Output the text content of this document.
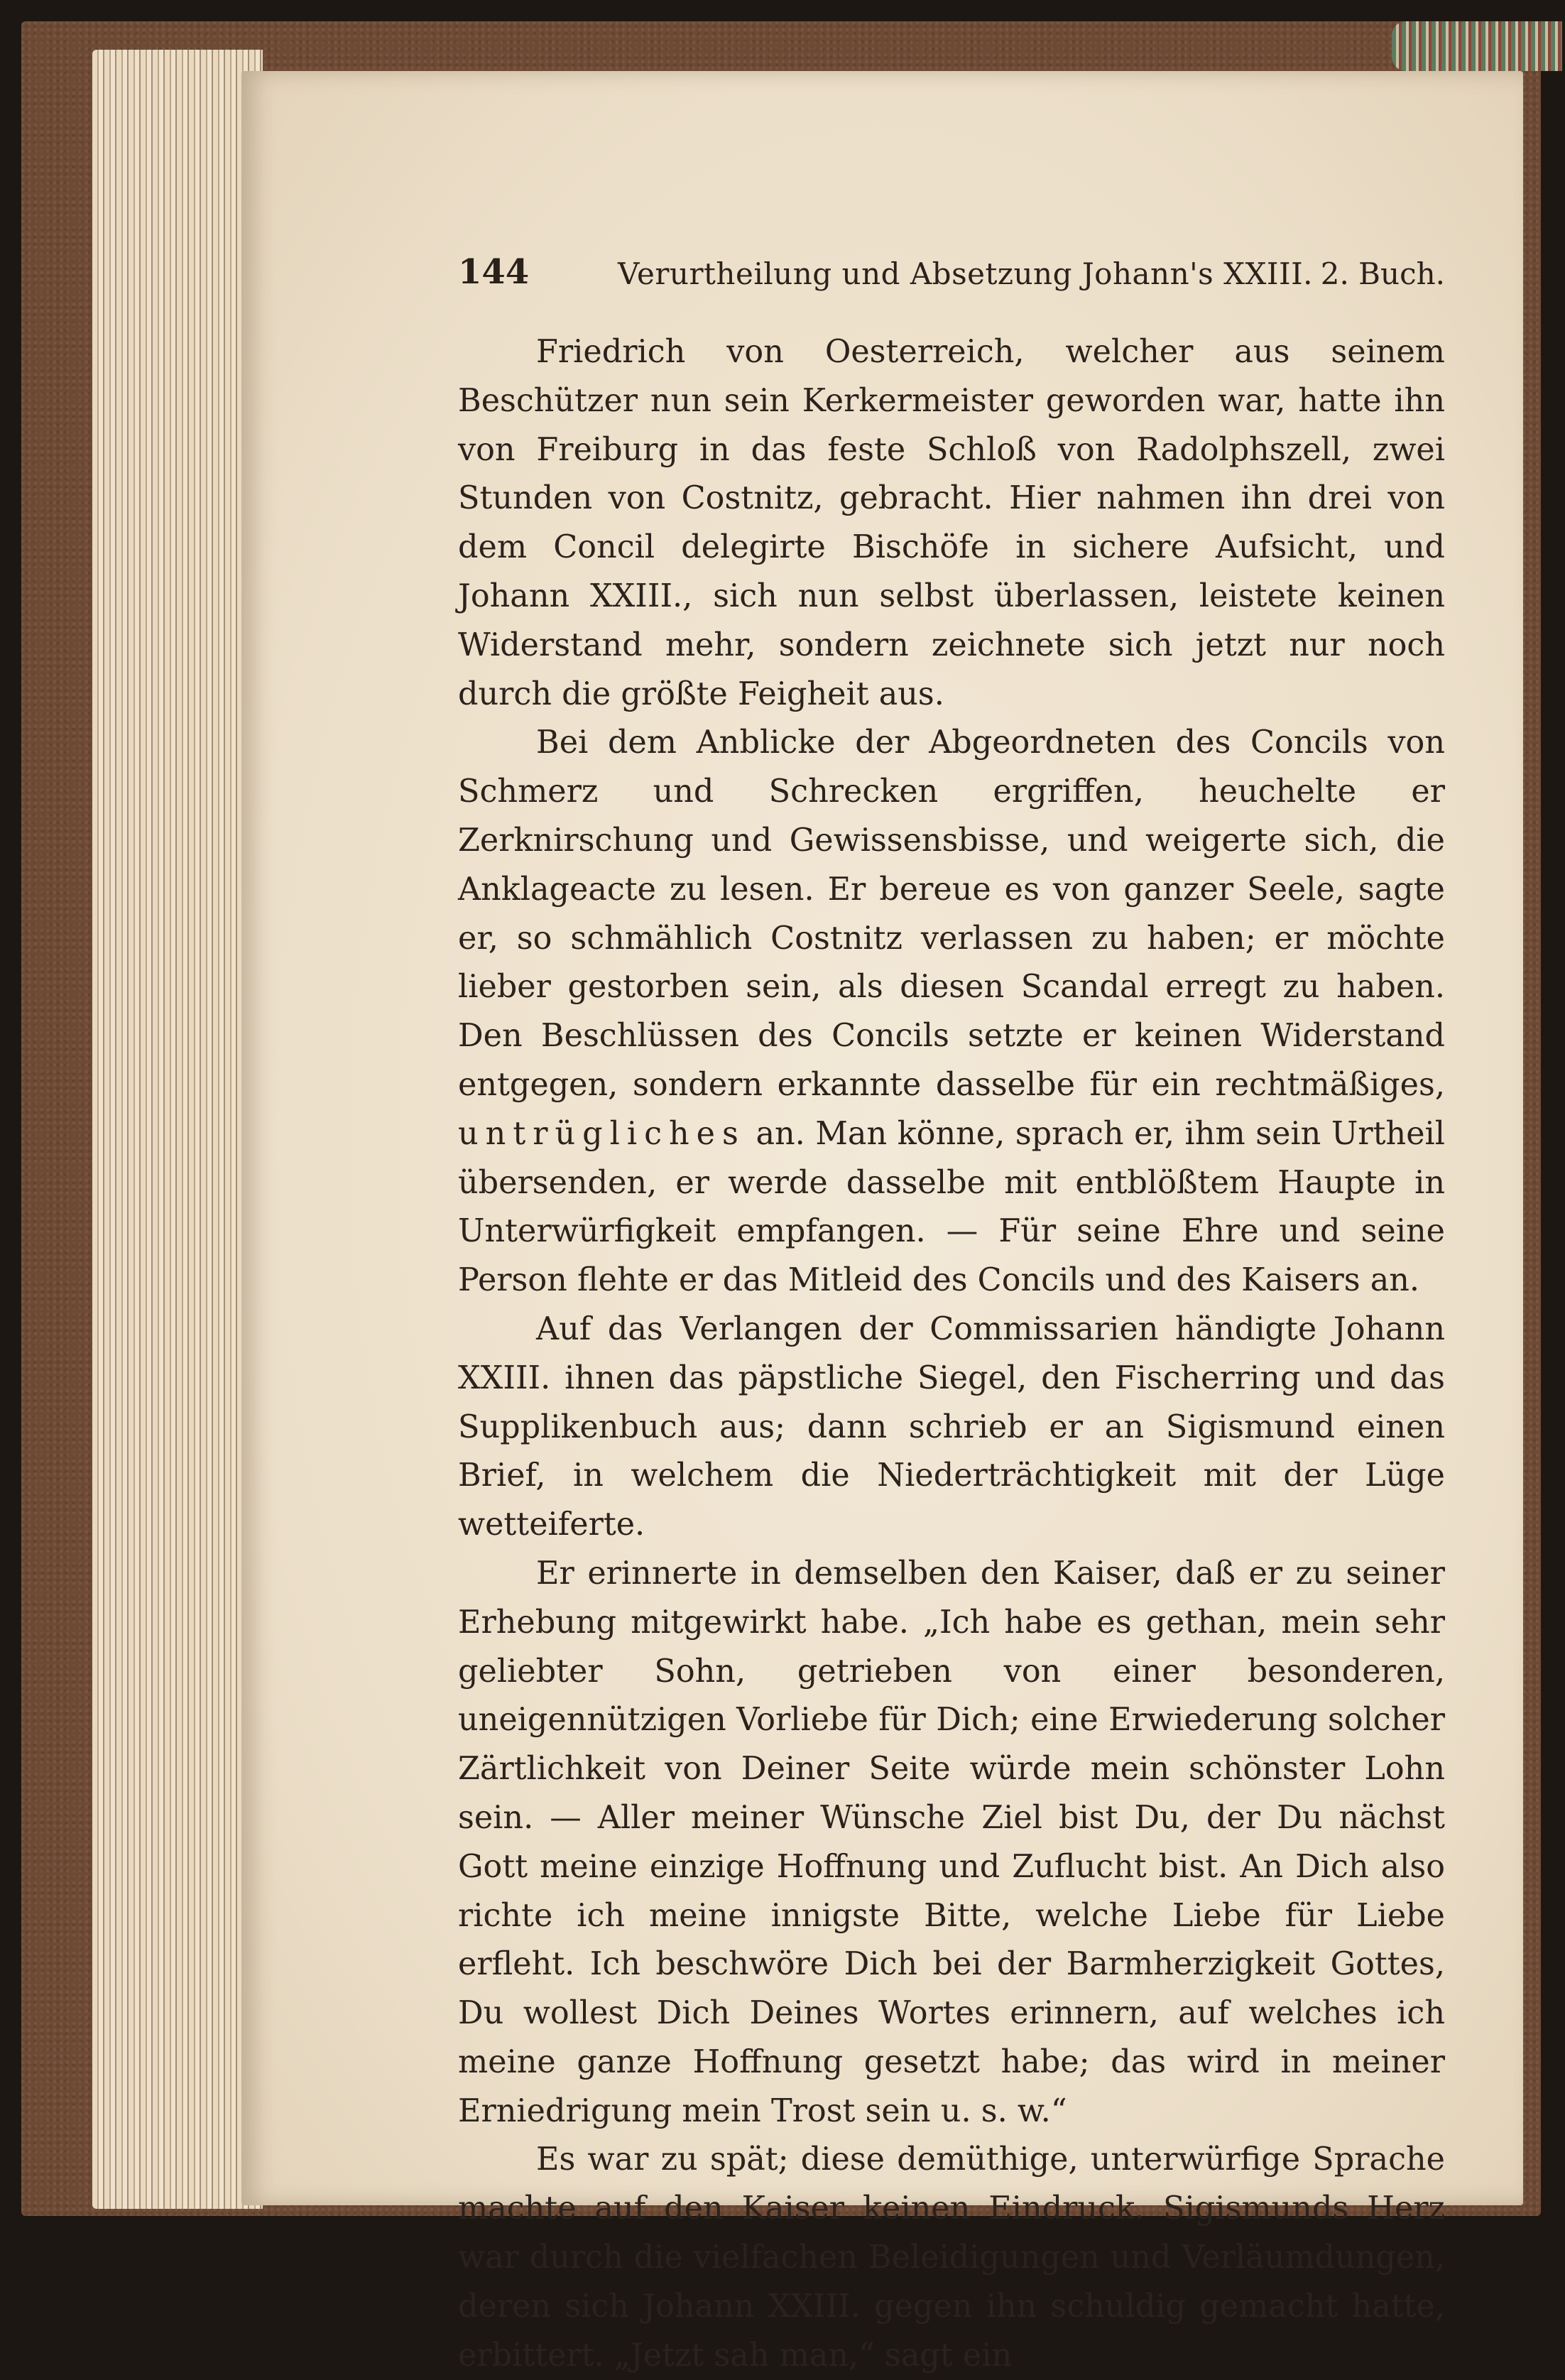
144	Verurtheilung und Absetzung Johann's XXIII. 2. Buch.

Friedrich von Oesterreich, welcher aus seinem Beschützer nun sein Kerkermeister geworden war, hatte ihn von Freiburg in das feste Schloß von Radolphszell, zwei Stunden von Costnitz, gebracht. Hier nahmen ihn drei von dem Concil delegirte Bischöfe in sichere Aufsicht, und Johann XXIII., sich nun selbst überlassen, leistete keinen Widerstand mehr, sondern zeichnete sich jetzt nur noch durch die größte Feigheit aus.

Bei dem Anblicke der Abgeordneten des Concils von Schmerz und Schrecken ergriffen, heuchelte er Zerknirschung und Gewissensbisse, und weigerte sich, die Anklageacte zu lesen. Er bereue es von ganzer Seele, sagte er, so schmählich Costnitz verlassen zu haben; er möchte lieber gestorben sein, als diesen Scandal erregt zu haben. Den Beschlüssen des Concils setzte er keinen Widerstand entgegen, sondern erkannte dasselbe für ein rechtmäßiges, untrügliches an. Man könne, sprach er, ihm sein Urtheil übersenden, er werde dasselbe mit entblößtem Haupte in Unterwürfigkeit empfangen. — Für seine Ehre und seine Person flehte er das Mitleid des Concils und des Kaisers an.

Auf das Verlangen der Commissarien händigte Johann XXIII. ihnen das päpstliche Siegel, den Fischerring und das Supplikenbuch aus; dann schrieb er an Sigismund einen Brief, in welchem die Niederträchtigkeit mit der Lüge wetteiferte.

Er erinnerte in demselben den Kaiser, daß er zu seiner Erhebung mitgewirkt habe. „Ich habe es gethan, mein sehr geliebter Sohn, getrieben von einer besonderen, uneigennützigen Vorliebe für Dich; eine Erwiederung solcher Zärtlichkeit von Deiner Seite würde mein schönster Lohn sein. — Aller meiner Wünsche Ziel bist Du, der Du nächst Gott meine einzige Hoffnung und Zuflucht bist. An Dich also richte ich meine innigste Bitte, welche Liebe für Liebe erfleht. Ich beschwöre Dich bei der Barmherzigkeit Gottes, Du wollest Dich Deines Wortes erinnern, auf welches ich meine ganze Hoffnung gesetzt habe; das wird in meiner Erniedrigung mein Trost sein u. s. w.“

Es war zu spät; diese demüthige, unterwürfige Sprache machte auf den Kaiser keinen Eindruck. Sigismunds Herz war durch die vielfachen Beleidigungen und Verläumdungen, deren sich Johann XXIII. gegen ihn schuldig gemacht hatte, erbittert. „Jetzt sah man,“ sagt ein
